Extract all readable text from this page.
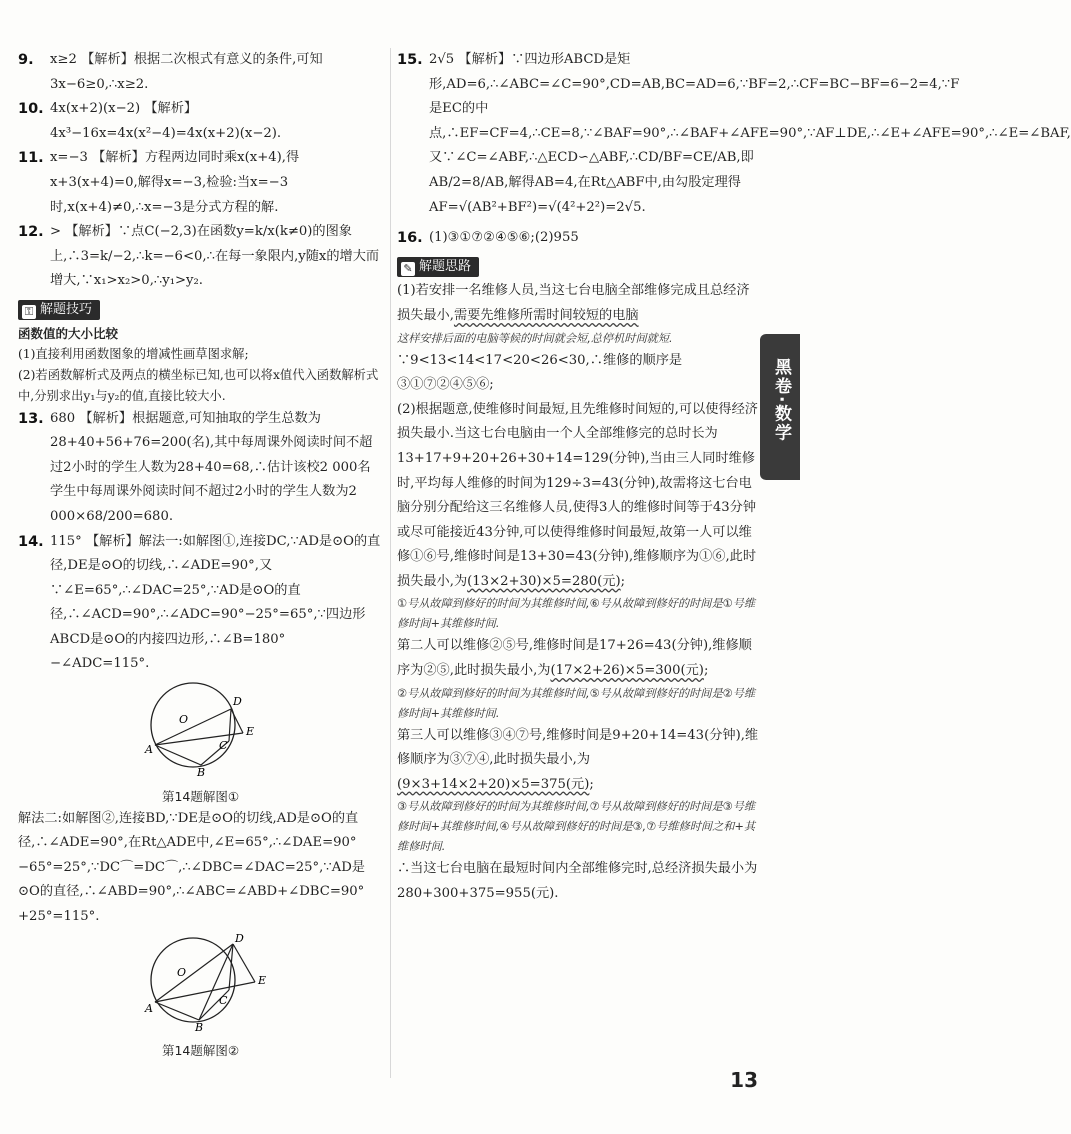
9. x≥2 【解析】根据二次根式有意义的条件,可知3x−6≥0,∴x≥2.
10. 4x(x+2)(x−2) 【解析】4x³−16x=4x(x²−4)=4x(x+2)(x−2).
11. x=−3 【解析】方程两边同时乘x(x+4),得x+3(x+4)=0,解得x=−3,检验:当x=−3时,x(x+4)≠0,∴x=−3是分式方程的解.
12. > 【解析】∵点C(−2,3)在函数y=k/x(k≠0)的图象上,∴3=k/−2,∴k=−6<0,∴在每一象限内,y随x的增大而增大,∵x₁>x₂>0,∴y₁>y₂.
⚿ 解题技巧
函数值的大小比较
(1)直接利用函数图象的增减性画草图求解;
(2)若函数解析式及两点的横坐标已知,也可以将x值代入函数解析式中,分别求出y₁与y₂的值,直接比较大小.
13. 680 【解析】根据题意,可知抽取的学生总数为28+40+56+76=200(名),其中每周课外阅读时间不超过2小时的学生人数为28+40=68,∴估计该校2 000名学生中每周课外阅读时间不超过2小时的学生人数为2 000×68/200=680.
14. 115° 【解析】解法一:如解图①,连接DC,∵AD是⊙O的直径,DE是⊙O的切线,∴∠ADE=90°,又∵∠E=65°,∴∠DAC=25°,∵AD是⊙O的直径,∴∠ACD=90°,∴∠ADC=90°−25°=65°,∵四边形ABCD是⊙O的内接四边形,∴∠B=180°−∠ADC=115°.
O
A
B
C
D
E
第14题解图①
解法二:如解图②,连接BD,∵DE是⊙O的切线,AD是⊙O的直径,∴∠ADE=90°,在Rt△ADE中,∠E=65°,∴∠DAE=90°−65°=25°,∵DC⌒=DC⌒,∴∠DBC=∠DAC=25°,∵AD是⊙O的直径,∴∠ABD=90°,∴∠ABC=∠ABD+∠DBC=90°+25°=115°.
O
A
B
C
D
E
第14题解图②
15. 2√5 【解析】∵四边形ABCD是矩形,AD=6,∴∠ABC=∠C=90°,CD=AB,BC=AD=6,∵BF=2,∴CF=BC−BF=6−2=4,∵F是EC的中点,∴EF=CF=4,∴CE=8,∵∠BAF=90°,∴∠BAF+∠AFE=90°,∵AF⊥DE,∴∠E+∠AFE=90°,∴∠E=∠BAF,又∵∠C=∠ABF,∴△ECD∽△ABF,∴CD/BF=CE/AB,即AB/2=8/AB,解得AB=4,在Rt△ABF中,由勾股定理得AF=√(AB²+BF²)=√(4²+2²)=2√5.
16. (1)③①⑦②④⑤⑥;(2)955
✎ 解题思路
(1)若安排一名维修人员,当这七台电脑全部维修完成且总经济损失最小,需要先维修所需时间较短的电脑
这样安排后面的电脑等候的时间就会短,总停机时间就短.
∵9<13<14<17<20<26<30,∴维修的顺序是③①⑦②④⑤⑥;
(2)根据题意,使维修时间最短,且先维修时间短的,可以使得经济损失最小.当这七台电脑由一个人全部维修完的总时长为13+17+9+20+26+30+14=129(分钟),当由三人同时维修时,平均每人维修的时间为129÷3=43(分钟),故需将这七台电脑分别分配给这三名维修人员,使得3人的维修时间等于43分钟或尽可能接近43分钟,可以使得维修时间最短,故第一人可以维修①⑥号,维修时间是13+30=43(分钟),维修顺序为①⑥,此时损失最小,为(13×2+30)×5=280(元);
①号从故障到修好的时间为其维修时间,⑥号从故障到修好的时间是①号维修时间+其维修时间.
第二人可以维修②⑤号,维修时间是17+26=43(分钟),维修顺序为②⑤,此时损失最小,为(17×2+26)×5=300(元);
②号从故障到修好的时间为其维修时间,⑤号从故障到修好的时间是②号维修时间+其维修时间.
第三人可以维修③④⑦号,维修时间是9+20+14=43(分钟),维修顺序为③⑦④,此时损失最小,为(9×3+14×2+20)×5=375(元);
③号从故障到修好的时间为其维修时间,⑦号从故障到修好的时间是③号维修时间+其维修时间,④号从故障到修好的时间是③,⑦号维修时间之和+其维修时间.
∴当这七台电脑在最短时间内全部维修完时,总经济损失最小为280+300+375=955(元).
黑卷·数学
13
